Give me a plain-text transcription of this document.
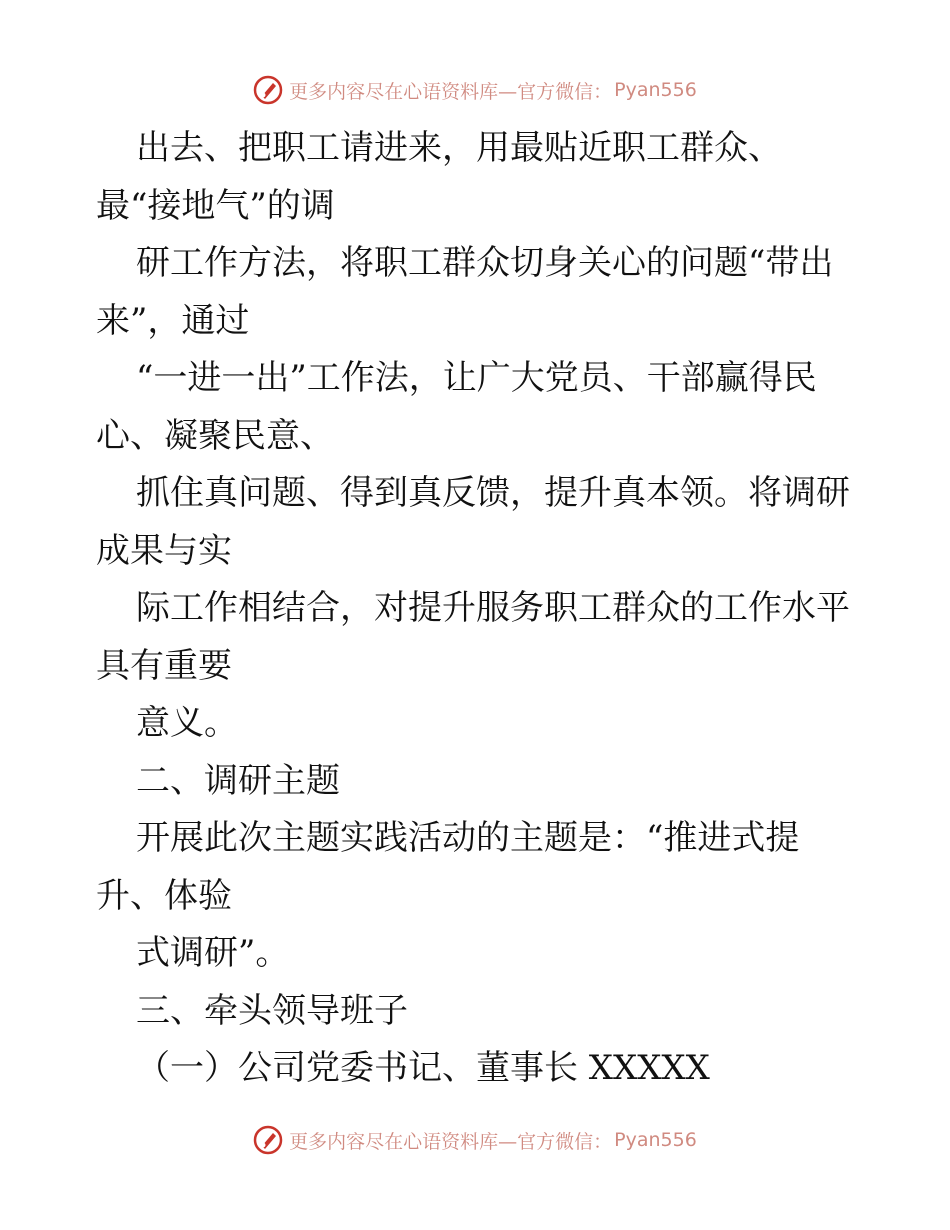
更多内容尽在心语资料库—官方微信： Pyan556
出去、把职工请进来，用最贴近职工群众、
最“接地气”的调
研工作方法，将职工群众切身关心的问题“带出
来”，通过
“一进一出”工作法，让广大党员、干部赢得民
心、凝聚民意、
抓住真问题、得到真反馈，提升真本领。将调研
成果与实
际工作相结合，对提升服务职工群众的工作水平
具有重要
意义。
二、调研主题
开展此次主题实践活动的主题是：“推进式提
升、体验
式调研”。
三、牵头领导班子
（一）公司党委书记、董事长 XXXXX
更多内容尽在心语资料库—官方微信： Pyan556
